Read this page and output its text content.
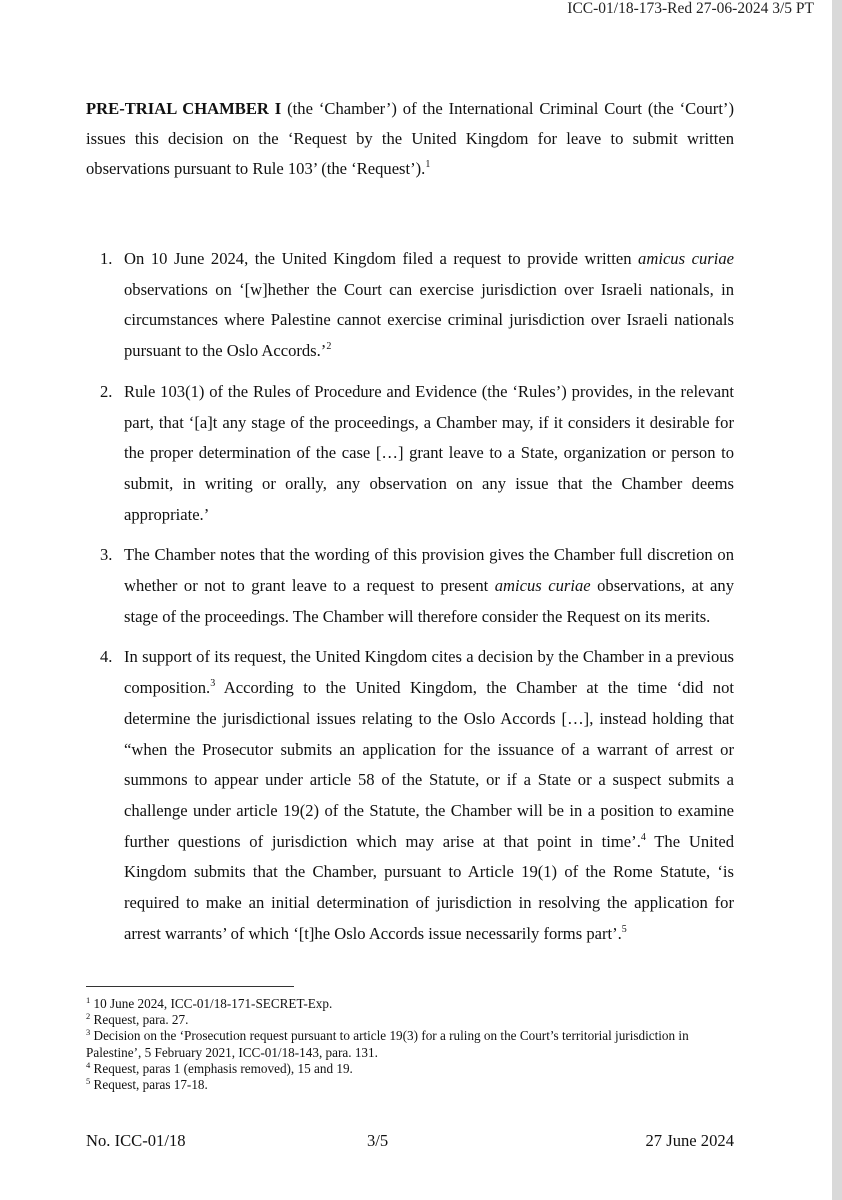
ICC-01/18-173-Red 27-06-2024 3/5 PT

PRE-TRIAL CHAMBER I (the ‘Chamber’) of the International Criminal Court (the ‘Court’) issues this decision on the ‘Request by the United Kingdom for leave to submit written observations pursuant to Rule 103’ (the ‘Request’).$^1$

1. On 10 June 2024, the United Kingdom filed a request to provide written amicus curiae observations on ‘[w]hether the Court can exercise jurisdiction over Israeli nationals, in circumstances where Palestine cannot exercise criminal jurisdiction over Israeli nationals pursuant to the Oslo Accords.’$^2$
2. Rule 103(1) of the Rules of Procedure and Evidence (the ‘Rules’) provides, in the relevant part, that ‘[a]t any stage of the proceedings, a Chamber may, if it considers it desirable for the proper determination of the case […] grant leave to a State, organization or person to submit, in writing or orally, any observation on any issue that the Chamber deems appropriate.’
3. The Chamber notes that the wording of this provision gives the Chamber full discretion on whether or not to grant leave to a request to present amicus curiae observations, at any stage of the proceedings. The Chamber will therefore consider the Request on its merits.
4. In support of its request, the United Kingdom cites a decision by the Chamber in a previous composition.$^3$ According to the United Kingdom, the Chamber at the time ‘did not determine the jurisdictional issues relating to the Oslo Accords […], instead holding that “when the Prosecutor submits an application for the issuance of a warrant of arrest or summons to appear under article 58 of the Statute, or if a State or a suspect submits a challenge under article 19(2) of the Statute, the Chamber will be in a position to examine further questions of jurisdiction which may arise at that point in time’.$^4$ The United Kingdom submits that the Chamber, pursuant to Article 19(1) of the Rome Statute, ‘is required to make an initial determination of jurisdiction in resolving the application for arrest warrants’ of which ‘[t]he Oslo Accords issue necessarily forms part’.$^5$
$^1$ 10 June 2024, ICC-01/18-171-SECRET-Exp.
$^2$ Request, para. 27.
$^3$ Decision on the ‘Prosecution request pursuant to article 19(3) for a ruling on the Court’s territorial jurisdiction in Palestine’, 5 February 2021, ICC-01/18-143, para. 131.
$^4$ Request, paras 1 (emphasis removed), 15 and 19.
$^5$ Request, paras 17-18.
No. ICC-01/18	3/5	27 June 2024
